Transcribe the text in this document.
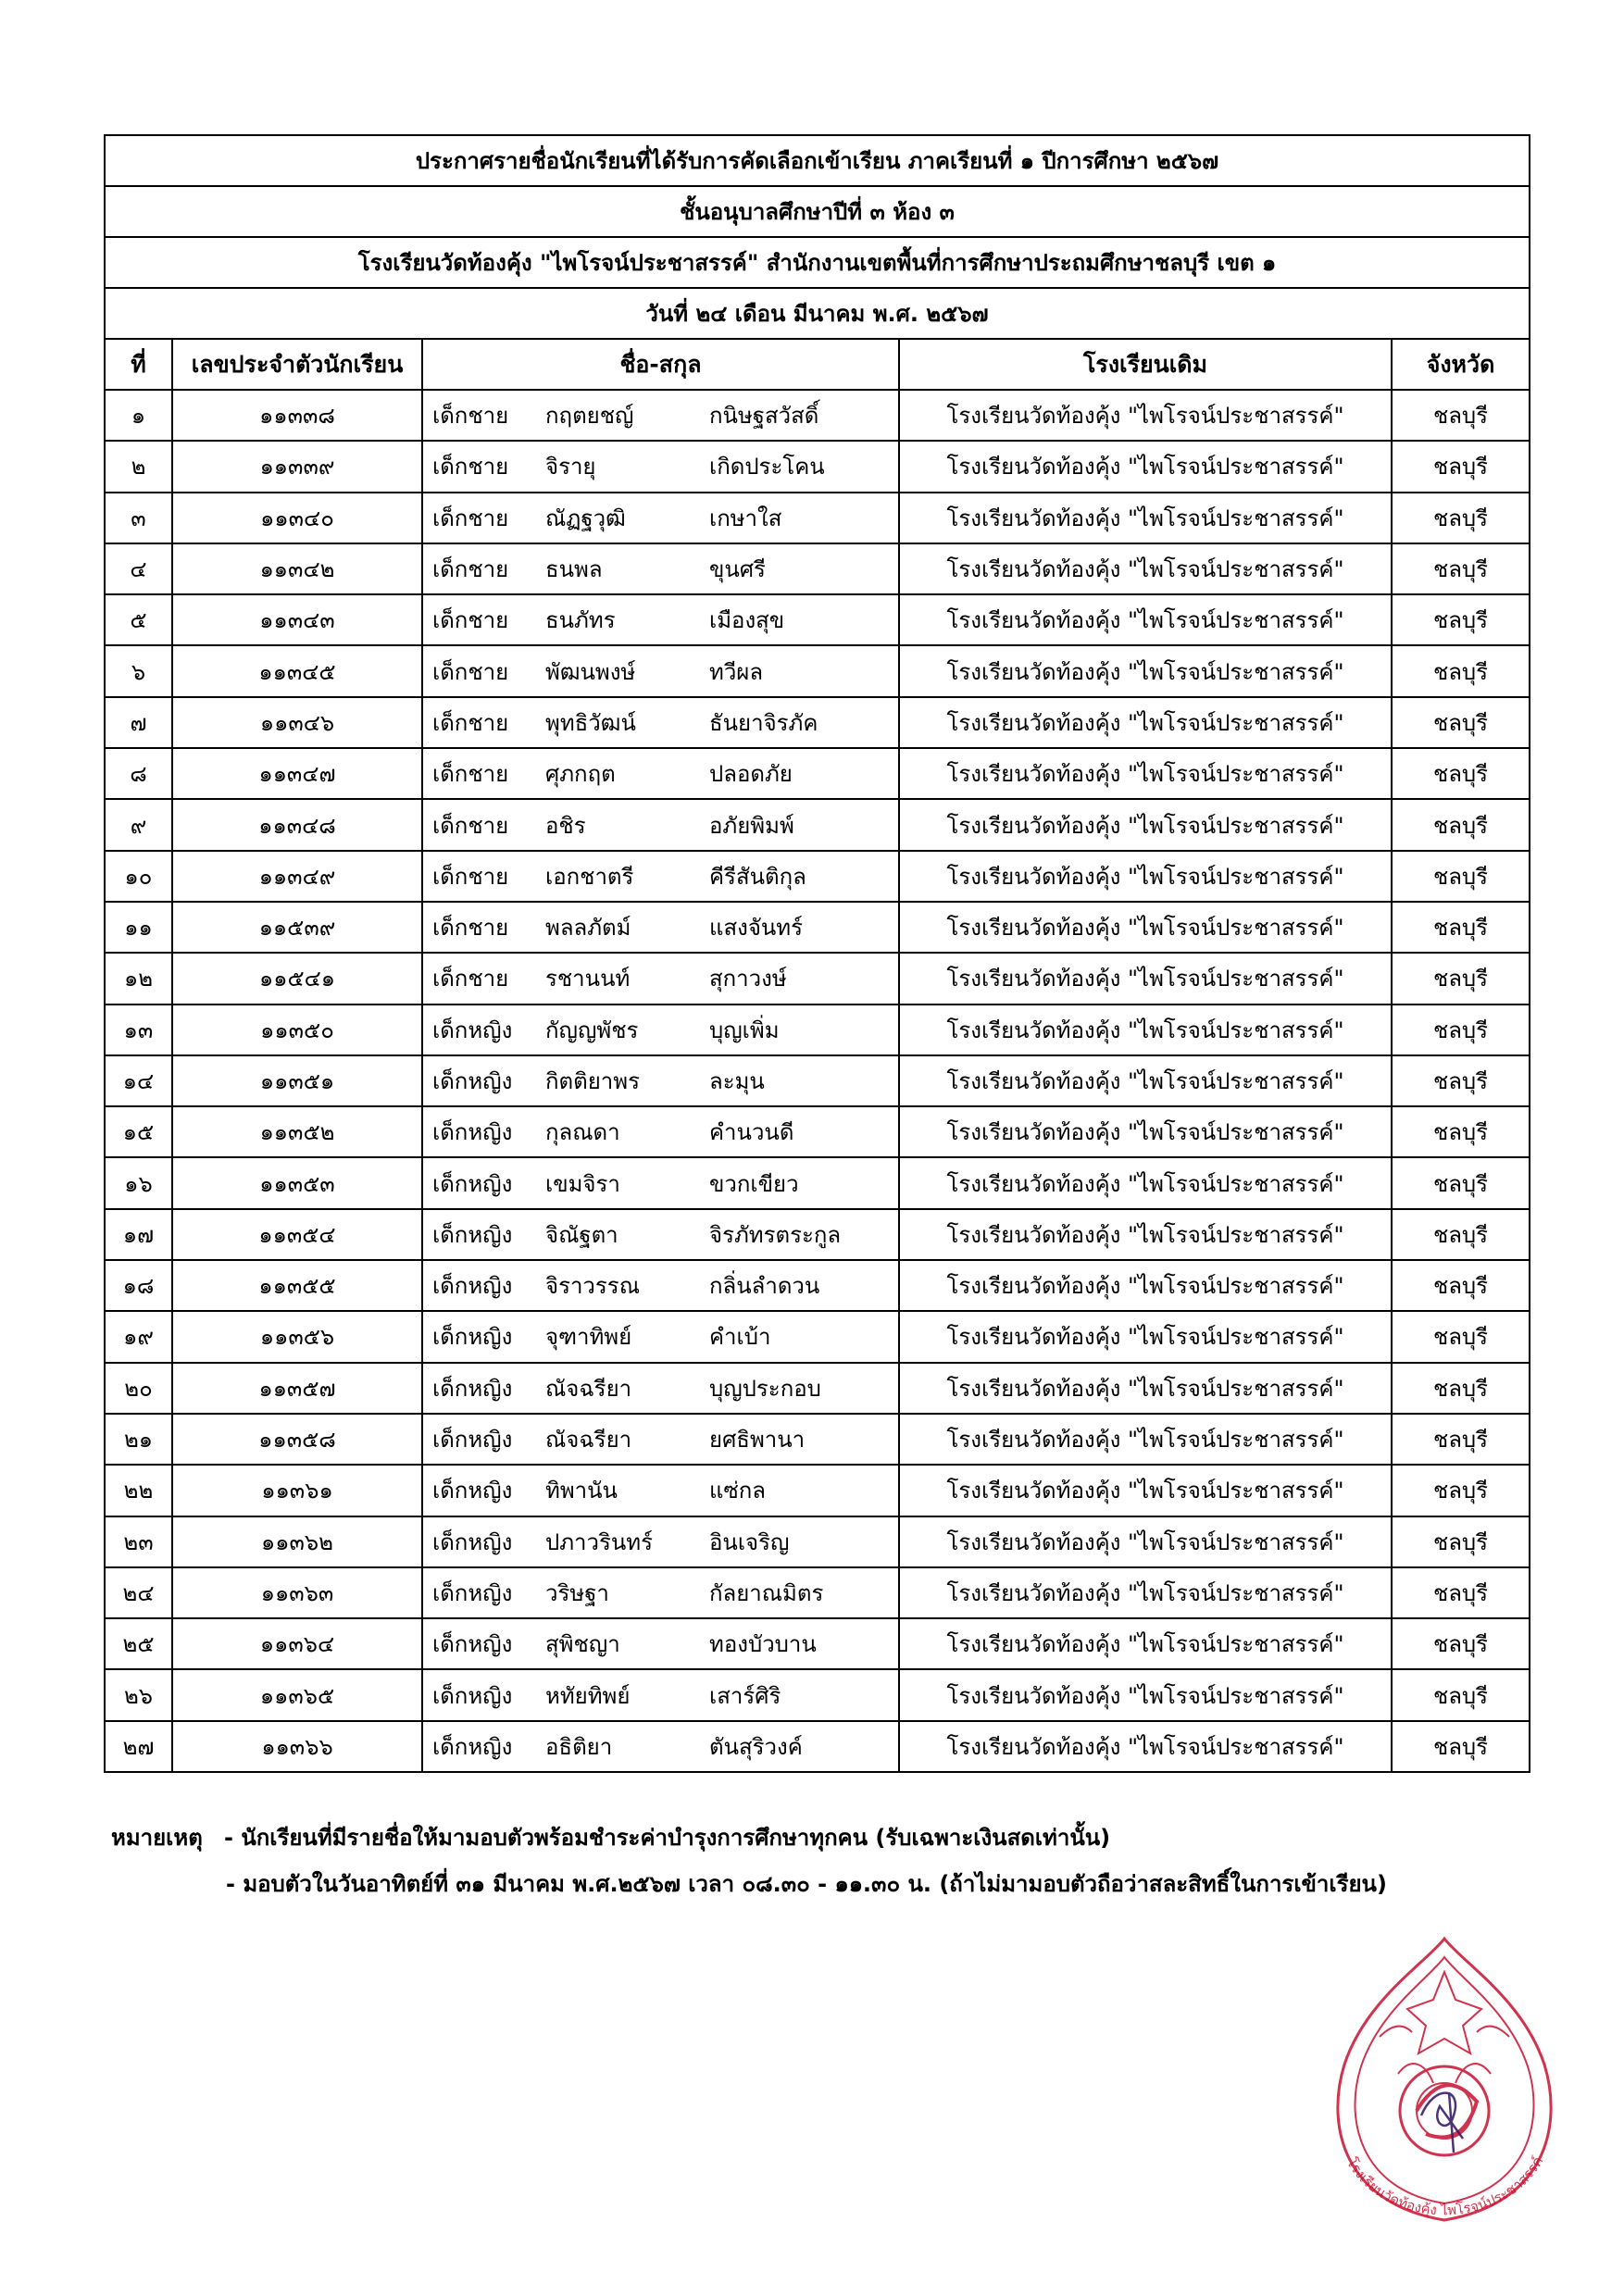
ประกาศรายชื่อนักเรียนที่ได้รับการคัดเลือกเข้าเรียน ภาคเรียนที่ ๑ ปีการศึกษา ๒๕๖๗				
ชั้นอนุบาลศึกษาปีที่ ๓ ห้อง ๓				
โรงเรียนวัดท้องคุ้ง "ไพโรจน์ประชาสรรค์" สำนักงานเขตพื้นที่การศึกษาประถมศึกษาชลบุรี เขต ๑				
วันที่ ๒๔ เดือน มีนาคม พ.ศ. ๒๕๖๗				
ที่	เลขประจำตัวนักเรียน	ชื่อ-สกุล	โรงเรียนเดิม	จังหวัด
๑	๑๑๓๓๘	เด็กชาย กฤตยชญ์ กนิษฐสวัสดิ์	โรงเรียนวัดท้องคุ้ง "ไพโรจน์ประชาสรรค์"	ชลบุรี
๒	๑๑๓๓๙	เด็กชาย จิรายุ เกิดประโคน	โรงเรียนวัดท้องคุ้ง "ไพโรจน์ประชาสรรค์"	ชลบุรี
๓	๑๑๓๔๐	เด็กชาย ณัฏฐวุฒิ เกษาใส	โรงเรียนวัดท้องคุ้ง "ไพโรจน์ประชาสรรค์"	ชลบุรี
๔	๑๑๓๔๒	เด็กชาย ธนพล ขุนศรี	โรงเรียนวัดท้องคุ้ง "ไพโรจน์ประชาสรรค์"	ชลบุรี
๕	๑๑๓๔๓	เด็กชาย ธนภัทร เมืองสุข	โรงเรียนวัดท้องคุ้ง "ไพโรจน์ประชาสรรค์"	ชลบุรี
๖	๑๑๓๔๕	เด็กชาย พัฒนพงษ์ ทวีผล	โรงเรียนวัดท้องคุ้ง "ไพโรจน์ประชาสรรค์"	ชลบุรี
๗	๑๑๓๔๖	เด็กชาย พุทธิวัฒน์ ธันยาจิรภัค	โรงเรียนวัดท้องคุ้ง "ไพโรจน์ประชาสรรค์"	ชลบุรี
๘	๑๑๓๔๗	เด็กชาย ศุภกฤต ปลอดภัย	โรงเรียนวัดท้องคุ้ง "ไพโรจน์ประชาสรรค์"	ชลบุรี
๙	๑๑๓๔๘	เด็กชาย อชิร อภัยพิมพ์	โรงเรียนวัดท้องคุ้ง "ไพโรจน์ประชาสรรค์"	ชลบุรี
๑๐	๑๑๓๔๙	เด็กชาย เอกชาตรี คีรีสันติกุล	โรงเรียนวัดท้องคุ้ง "ไพโรจน์ประชาสรรค์"	ชลบุรี
๑๑	๑๑๕๓๙	เด็กชาย พลลภัตม์ แสงจันทร์	โรงเรียนวัดท้องคุ้ง "ไพโรจน์ประชาสรรค์"	ชลบุรี
๑๒	๑๑๕๔๑	เด็กชาย รชานนท์ สุกาวงษ์	โรงเรียนวัดท้องคุ้ง "ไพโรจน์ประชาสรรค์"	ชลบุรี
๑๓	๑๑๓๕๐	เด็กหญิง กัญญพัชร บุญเพิ่ม	โรงเรียนวัดท้องคุ้ง "ไพโรจน์ประชาสรรค์"	ชลบุรี
๑๔	๑๑๓๕๑	เด็กหญิง กิตติยาพร ละมุน	โรงเรียนวัดท้องคุ้ง "ไพโรจน์ประชาสรรค์"	ชลบุรี
๑๕	๑๑๓๕๒	เด็กหญิง กุลณดา คำนวนดี	โรงเรียนวัดท้องคุ้ง "ไพโรจน์ประชาสรรค์"	ชลบุรี
๑๖	๑๑๓๕๓	เด็กหญิง เขมจิรา ขวกเขียว	โรงเรียนวัดท้องคุ้ง "ไพโรจน์ประชาสรรค์"	ชลบุรี
๑๗	๑๑๓๕๔	เด็กหญิง จิณัฐตา จิรภัทรตระกูล	โรงเรียนวัดท้องคุ้ง "ไพโรจน์ประชาสรรค์"	ชลบุรี
๑๘	๑๑๓๕๕	เด็กหญิง จิราวรรณ กลิ่นลำดวน	โรงเรียนวัดท้องคุ้ง "ไพโรจน์ประชาสรรค์"	ชลบุรี
๑๙	๑๑๓๕๖	เด็กหญิง จุฑาทิพย์ คำเบ้า	โรงเรียนวัดท้องคุ้ง "ไพโรจน์ประชาสรรค์"	ชลบุรี
๒๐	๑๑๓๕๗	เด็กหญิง ณัจฉรียา บุญประกอบ	โรงเรียนวัดท้องคุ้ง "ไพโรจน์ประชาสรรค์"	ชลบุรี
๒๑	๑๑๓๕๘	เด็กหญิง ณัจฉรียา ยศธิพานา	โรงเรียนวัดท้องคุ้ง "ไพโรจน์ประชาสรรค์"	ชลบุรี
๒๒	๑๑๓๖๑	เด็กหญิง ทิพานัน แซ่กล	โรงเรียนวัดท้องคุ้ง "ไพโรจน์ประชาสรรค์"	ชลบุรี
๒๓	๑๑๓๖๒	เด็กหญิง ปภาวรินทร์ อินเจริญ	โรงเรียนวัดท้องคุ้ง "ไพโรจน์ประชาสรรค์"	ชลบุรี
๒๔	๑๑๓๖๓	เด็กหญิง วริษฐา กัลยาณมิตร	โรงเรียนวัดท้องคุ้ง "ไพโรจน์ประชาสรรค์"	ชลบุรี
๒๕	๑๑๓๖๔	เด็กหญิง สุพิชญา ทองบัวบาน	โรงเรียนวัดท้องคุ้ง "ไพโรจน์ประชาสรรค์"	ชลบุรี
๒๖	๑๑๓๖๕	เด็กหญิง หทัยทิพย์ เสาร์ศิริ	โรงเรียนวัดท้องคุ้ง "ไพโรจน์ประชาสรรค์"	ชลบุรี
๒๗	๑๑๓๖๖	เด็กหญิง อธิติยา ตันสุริวงค์	โรงเรียนวัดท้องคุ้ง "ไพโรจน์ประชาสรรค์"	ชลบุรี
หมายเหตุ - นักเรียนที่มีรายชื่อให้มามอบตัวพร้อมชำระค่าบำรุงการศึกษาทุกคน (รับเฉพาะเงินสดเท่านั้น)
- มอบตัวในวันอาทิตย์ที่ ๓๑ มีนาคม พ.ศ.๒๕๖๗ เวลา ๐๘.๓๐ - ๑๑.๓๐ น. (ถ้าไม่มามอบตัวถือว่าสละสิทธิ์ในการเข้าเรียน)
โรงเรียนวัดท้องคุ้ง ไพโรจน์ประชาสรรค์
